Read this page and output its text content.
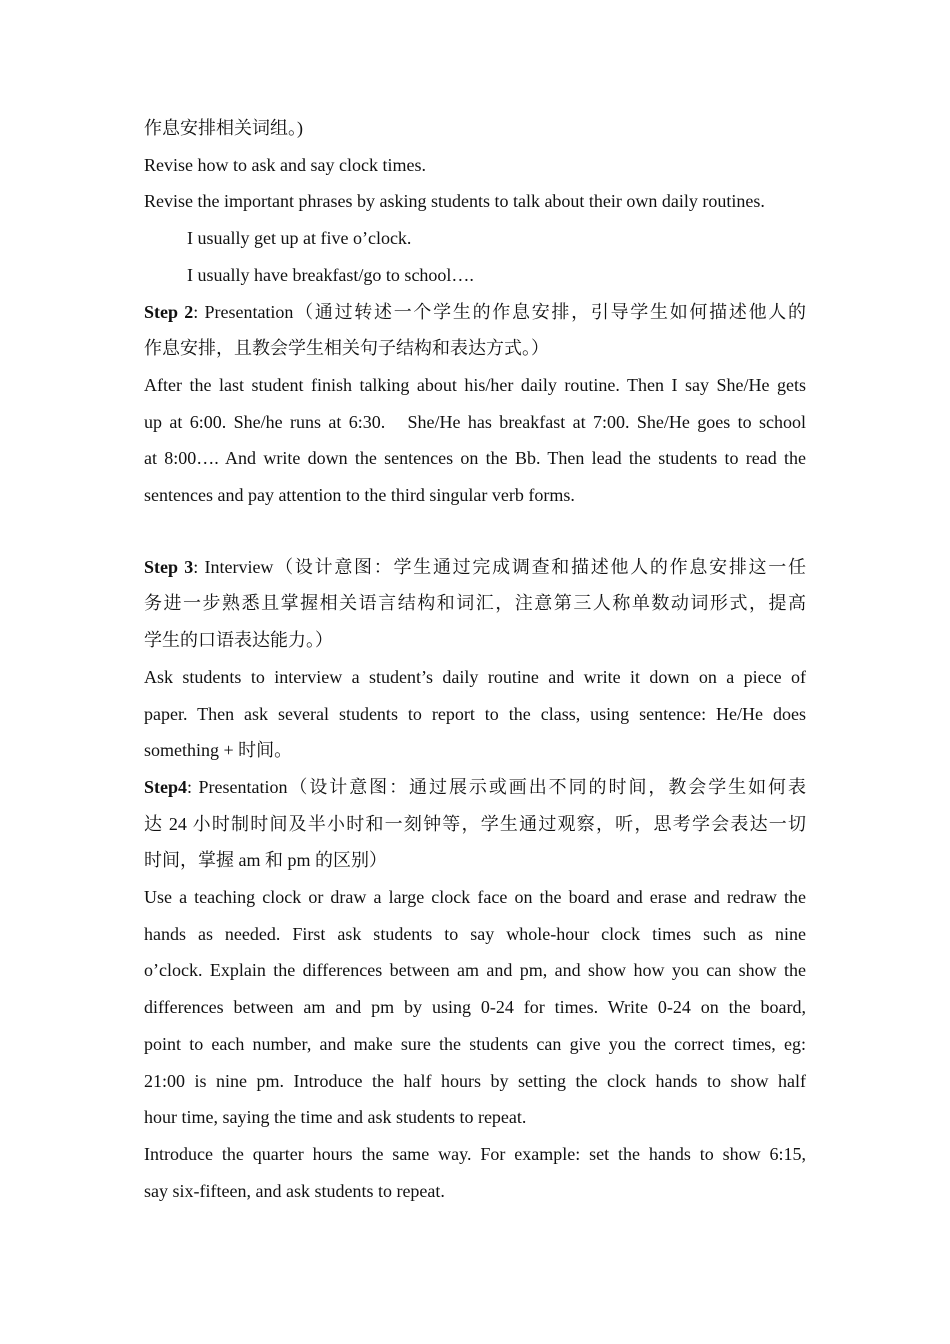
作息安排相关词组。)

Revise how to ask and say clock times.

Revise the important phrases by asking students to talk about their own daily routines.

I usually get up at five o’clock.

I usually have breakfast/go to school….

Step 2: Presentation（通过转述一个学生的作息安排，引导学生如何描述他人的

作息安排，且教会学生相关句子结构和表达方式。）

After the last student finish talking about his/her daily routine. Then I say She/He gets

up at 6:00. She/he runs at 6:30.   She/He has breakfast at 7:00. She/He goes to school

at 8:00…. And write down the sentences on the Bb. Then lead the students to read the

sentences and pay attention to the third singular verb forms.

Step 3: Interview（设计意图：学生通过完成调查和描述他人的作息安排这一任

务进一步熟悉且掌握相关语言结构和词汇，注意第三人称单数动词形式，提高

学生的口语表达能力。）

Ask students to interview a student’s daily routine and write it down on a piece of

paper. Then ask several students to report to the class, using sentence: He/He does

something + 时间。

Step4: Presentation（设计意图：通过展示或画出不同的时间，教会学生如何表

达 24 小时制时间及半小时和一刻钟等，学生通过观察，听，思考学会表达一切

时间，掌握 am 和 pm 的区别）

Use a teaching clock or draw a large clock face on the board and erase and redraw the

hands as needed. First ask students to say whole-hour clock times such as nine

o’clock. Explain the differences between am and pm, and show how you can show the

differences between am and pm by using 0-24 for times. Write 0-24 on the board,

point to each number, and make sure the students can give you the correct times, eg:

21:00 is nine pm. Introduce the half hours by setting the clock hands to show half

hour time, saying the time and ask students to repeat.

Introduce the quarter hours the same way. For example: set the hands to show 6:15,

say six-fifteen, and ask students to repeat.
